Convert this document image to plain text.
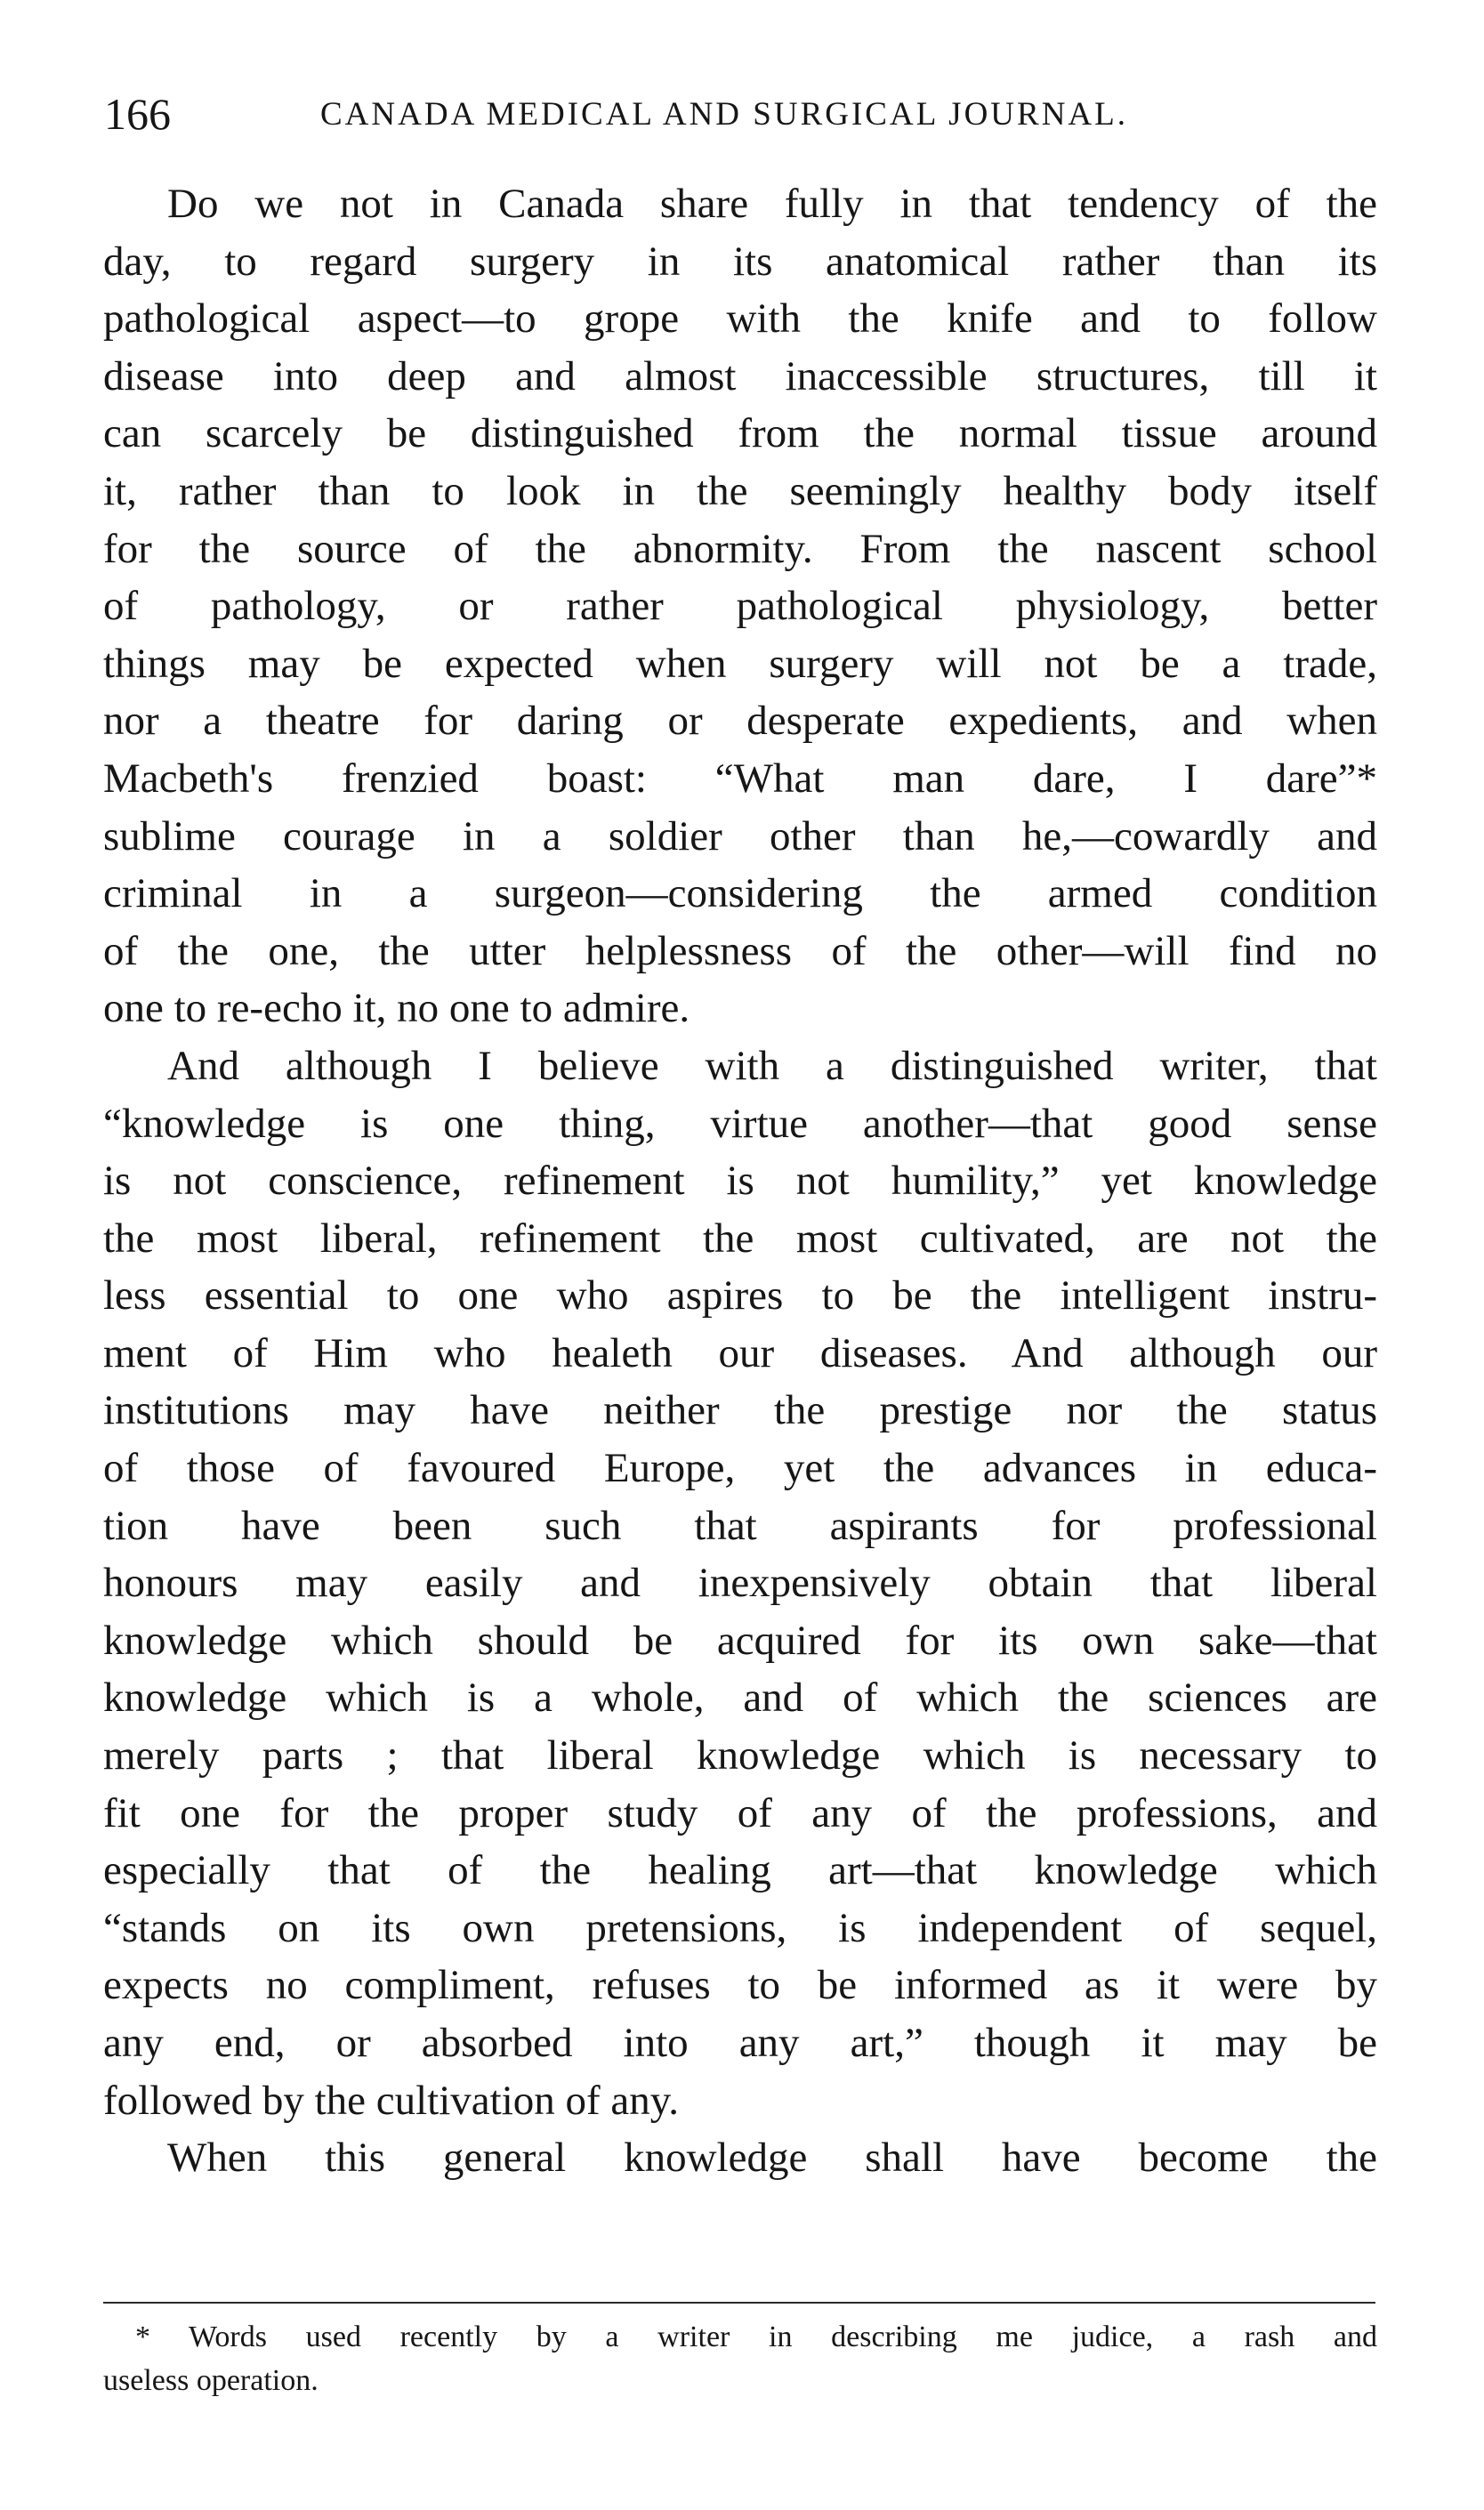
166	CANADA MEDICAL AND SURGICAL JOURNAL.
Do we not in Canada share fully in that tendency of the
day, to regard surgery in its anatomical rather than its
pathological aspect—to grope with the knife and to follow
disease into deep and almost inaccessible structures, till it
can scarcely be distinguished from the normal tissue around
it, rather than to look in the seemingly healthy body itself
for the source of the abnormity. From the nascent school
of pathology, or rather pathological physiology, better
things may be expected when surgery will not be a trade,
nor a theatre for daring or desperate expedients, and when
Macbeth's frenzied boast: “What man dare, I dare”*
sublime courage in a soldier other than he,—cowardly and
criminal in a surgeon—considering the armed condition
of the one, the utter helplessness of the other—will find no
one to re-echo it, no one to admire.
And although I believe with a distinguished writer, that
“knowledge is one thing, virtue another—that good sense
is not conscience, refinement is not humility,” yet knowledge
the most liberal, refinement the most cultivated, are not the
less essential to one who aspires to be the intelligent instru-
ment of Him who healeth our diseases. And although our
institutions may have neither the prestige nor the status
of those of favoured Europe, yet the advances in educa-
tion have been such that aspirants for professional
honours may easily and inexpensively obtain that liberal
knowledge which should be acquired for its own sake—that
knowledge which is a whole, and of which the sciences are
merely parts ; that liberal knowledge which is necessary to
fit one for the proper study of any of the professions, and
especially that of the healing art—that knowledge which
“stands on its own pretensions, is independent of sequel,
expects no compliment, refuses to be informed as it were by
any end, or absorbed into any art,” though it may be
followed by the cultivation of any.
When this general knowledge shall have become the
* Words used recently by a writer in describing me judice, a rash and
useless operation.
